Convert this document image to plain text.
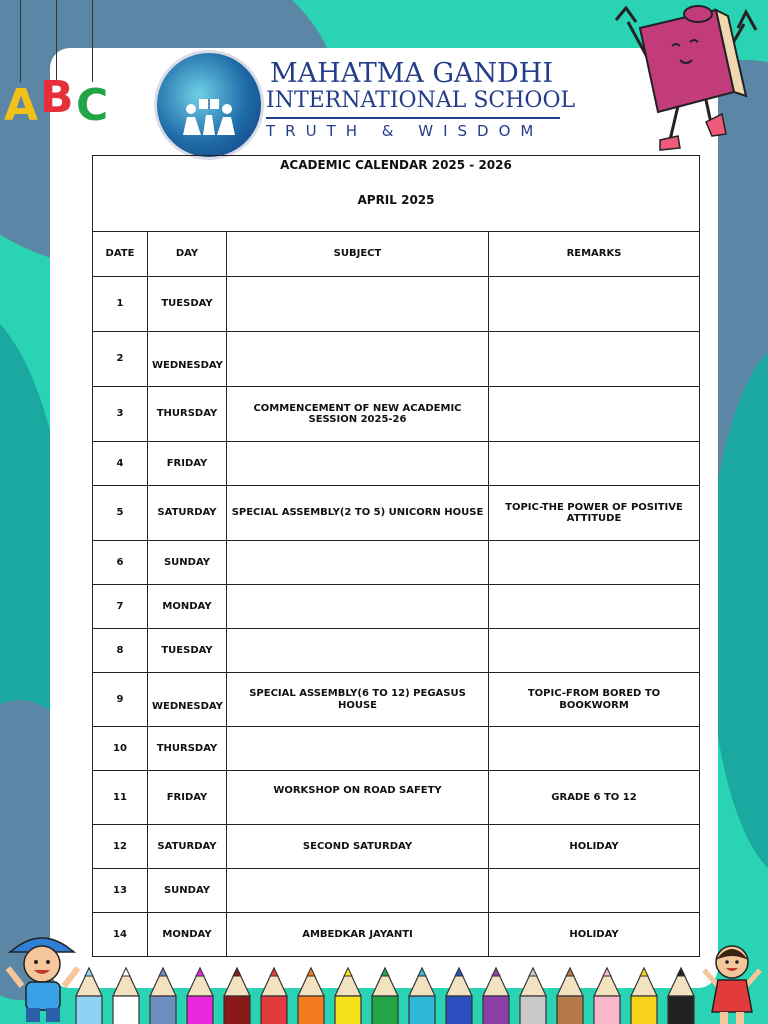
A B C
MAHATMA GANDHI
INTERNATIONAL SCHOOL
TRUTH & WISDOM
ACADEMIC CALENDAR 2025 - 2026
APRIL 2025			

DATE	DAY	SUBJECT	REMARKS
1	TUESDAY		
2	WEDNESDAY		
3	THURSDAY	COMMENCEMENT OF NEW ACADEMIC SESSION 2025-26	
4	FRIDAY		
5	SATURDAY	SPECIAL ASSEMBLY(2 TO 5) UNICORN HOUSE	TOPIC-THE POWER OF POSITIVE ATTITUDE
6	SUNDAY		
7	MONDAY		
8	TUESDAY		
9	WEDNESDAY	SPECIAL ASSEMBLY(6 TO 12) PEGASUS HOUSE	TOPIC-FROM BORED TO BOOKWORM
10	THURSDAY		
11	FRIDAY	WORKSHOP ON ROAD SAFETY	GRADE 6 TO 12
12	SATURDAY	SECOND SATURDAY	HOLIDAY
13	SUNDAY		
14	MONDAY	AMBEDKAR JAYANTI	HOLIDAY
